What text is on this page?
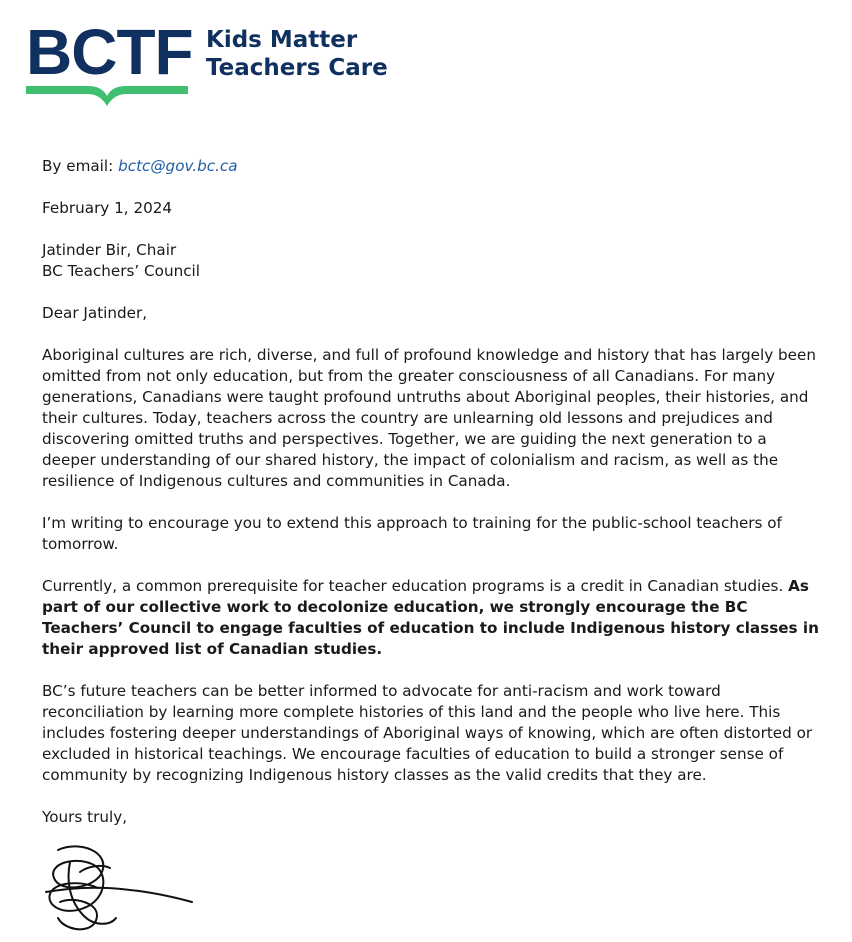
BCTF Kids Matter
Teachers Care

By email: bctc@gov.bc.ca

February 1, 2024

Jatinder Bir, Chair

BC Teachers’ Council

Dear Jatinder,

Aboriginal cultures are rich, diverse, and full of profound knowledge and history that has largely been omitted from not only education, but from the greater consciousness of all Canadians. For many generations, Canadians were taught profound untruths about Aboriginal peoples, their histories, and their cultures. Today, teachers across the country are unlearning old lessons and prejudices and discovering omitted truths and perspectives. Together, we are guiding the next generation to a deeper understanding of our shared history, the impact of colonialism and racism, as well as the resilience of Indigenous cultures and communities in Canada.

I’m writing to encourage you to extend this approach to training for the public-school teachers of tomorrow.

Currently, a common prerequisite for teacher education programs is a credit in Canadian studies. As part of our collective work to decolonize education, we strongly encourage the BC Teachers’ Council to engage faculties of education to include Indigenous history classes in their approved list of Canadian studies.

BC’s future teachers can be better informed to advocate for anti-racism and work toward reconciliation by learning more complete histories of this land and the people who live here. This includes fostering deeper understandings of Aboriginal ways of knowing, which are often distorted or excluded in historical teachings. We encourage faculties of education to build a stronger sense of community by recognizing Indigenous history classes as the valid credits that they are.

Yours truly,
